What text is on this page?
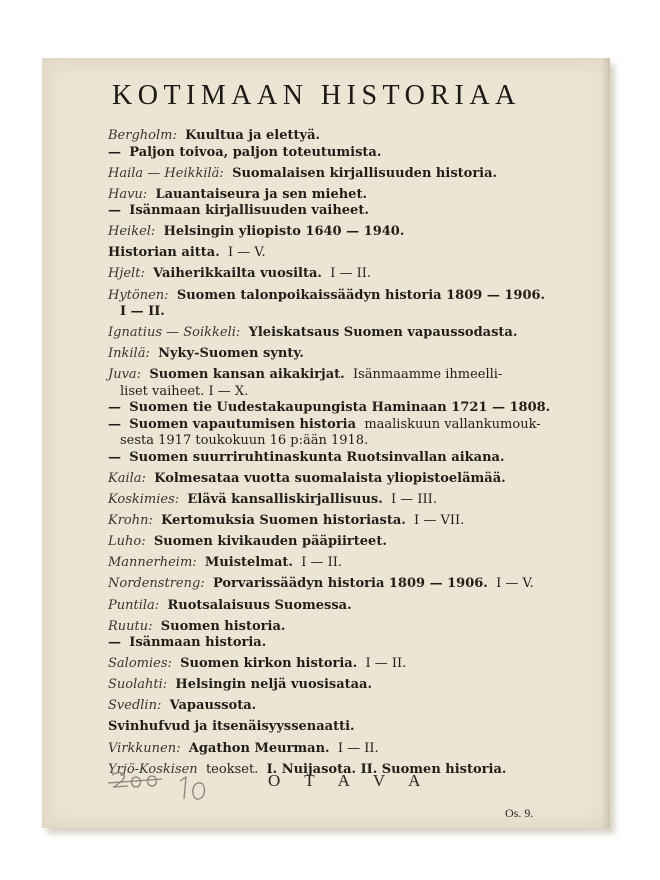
KOTIMAAN HISTORIAA
Bergholm: Kuultua ja elettyä.
— Paljon toivoa, paljon toteutumista.
Haila — Heikkilä: Suomalaisen kirjallisuuden historia.
Havu: Lauantaiseura ja sen miehet.
— Isänmaan kirjallisuuden vaiheet.
Heikel: Helsingin yliopisto 1640 — 1940.
Historian aitta. I — V.
Hjelt: Vaiherikkailta vuosilta. I — II.
Hytönen: Suomen talonpoikaissäädyn historia 1809 — 1906.
I — II.
Ignatius — Soikkeli: Yleiskatsaus Suomen vapaussodasta.
Inkilä: Nyky-Suomen synty.
Juva: Suomen kansan aikakirjat. Isänmaamme ihmeelli-
liset vaiheet. I — X.
— Suomen tie Uudestakaupungista Haminaan 1721 — 1808.
— Suomen vapautumisen historia maaliskuun vallankumouk-
sesta 1917 toukokuun 16 p:ään 1918.
— Suomen suurriruhtinaskunta Ruotsinvallan aikana.
Kaila: Kolmesataa vuotta suomalaista yliopistoelämää.
Koskimies: Elävä kansalliskirjallisuus. I — III.
Krohn: Kertomuksia Suomen historiasta. I — VII.
Luho: Suomen kivikauden pääpiirteet.
Mannerheim: Muistelmat. I — II.
Nordenstreng: Porvarissäädyn historia 1809 — 1906. I — V.
Puntila: Ruotsalaisuus Suomessa.
Ruutu: Suomen historia.
— Isänmaan historia.
Salomies: Suomen kirkon historia. I — II.
Suolahti: Helsingin neljä vuosisataa.
Svedlin: Vapaussota.
Svinhufvud ja itsenäisyyssenaatti.
Virkkunen: Agathon Meurman. I — II.
Yrjö-Koskisen teokset. I. Nuijasota. II. Suomen historia.
O T A V A
Os. 9.
